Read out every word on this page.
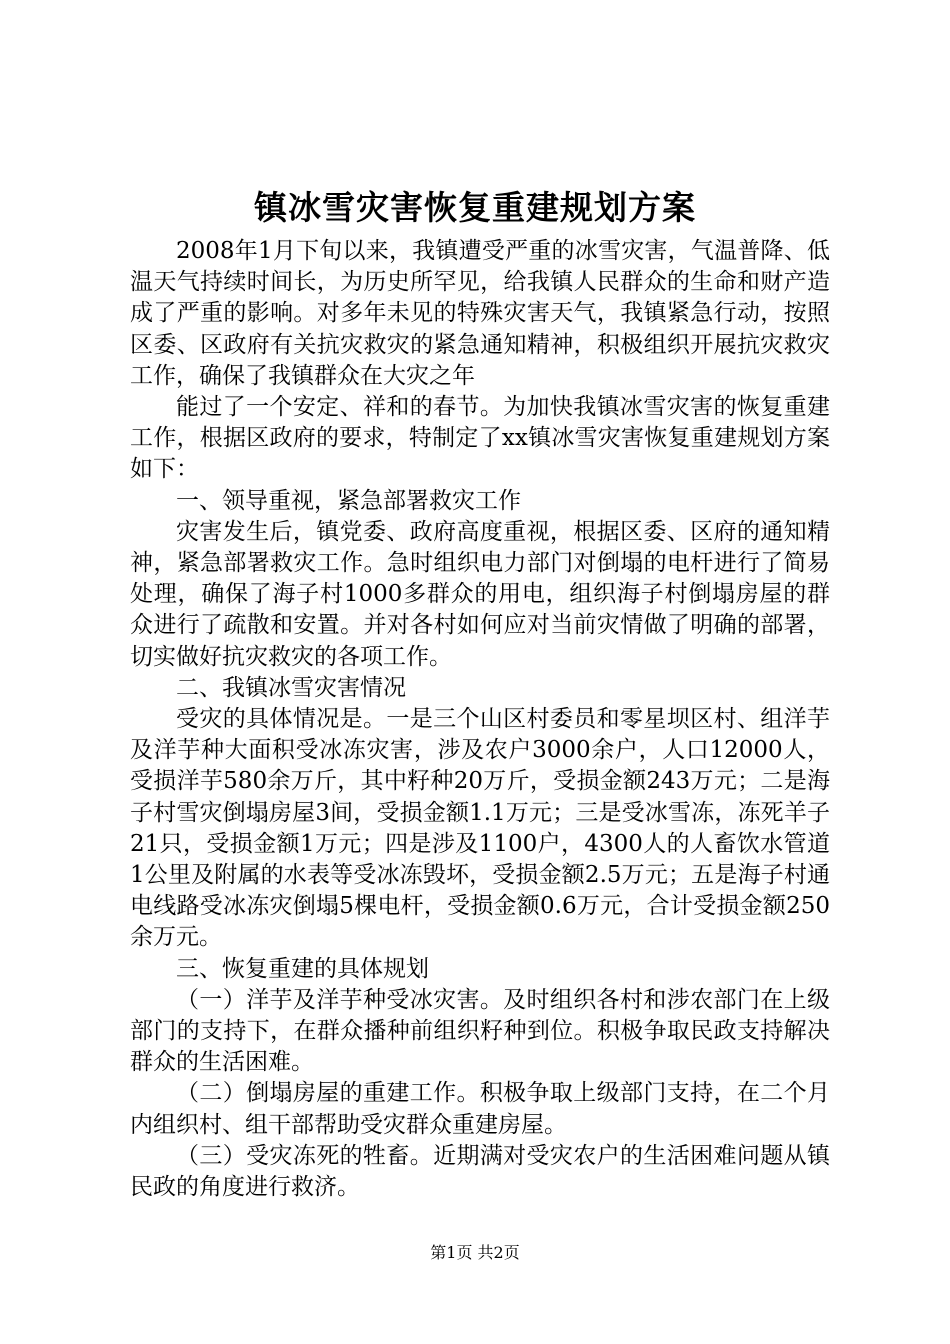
镇冰雪灾害恢复重建规划方案

2008年1月下旬以来，我镇遭受严重的冰雪灾害，气温普降、低温天气持续时间长，为历史所罕见，给我镇人民群众的生命和财产造成了严重的影响。对多年未见的特殊灾害天气，我镇紧急行动，按照区委、区政府有关抗灾救灾的紧急通知精神，积极组织开展抗灾救灾工作，确保了我镇群众在大灾之年

能过了一个安定、祥和的春节。为加快我镇冰雪灾害的恢复重建工作，根据区政府的要求，特制定了xx镇冰雪灾害恢复重建规划方案如下：

一、领导重视，紧急部署救灾工作

灾害发生后，镇党委、政府高度重视，根据区委、区府的通知精神，紧急部署救灾工作。急时组织电力部门对倒塌的电杆进行了简易处理，确保了海子村1000多群众的用电，组织海子村倒塌房屋的群众进行了疏散和安置。并对各村如何应对当前灾情做了明确的部署，切实做好抗灾救灾的各项工作。

二、我镇冰雪灾害情况

受灾的具体情况是。一是三个山区村委员和零星坝区村、组洋芋及洋芋种大面积受冰冻灾害，涉及农户3000余户，人口12000人，受损洋芋580余万斤，其中籽种20万斤，受损金额243万元；二是海子村雪灾倒塌房屋3间，受损金额1.1万元；三是受冰雪冻，冻死羊子21只，受损金额1万元；四是涉及1100户，4300人的人畜饮水管道1公里及附属的水表等受冰冻毁坏，受损金额2.5万元；五是海子村通电线路受冰冻灾倒塌5棵电杆，受损金额0.6万元，合计受损金额250余万元。

三、恢复重建的具体规划

（一）洋芋及洋芋种受冰灾害。及时组织各村和涉农部门在上级部门的支持下，在群众播种前组织籽种到位。积极争取民政支持解决群众的生活困难。

（二）倒塌房屋的重建工作。积极争取上级部门支持，在二个月内组织村、组干部帮助受灾群众重建房屋。

（三）受灾冻死的牲畜。近期满对受灾农户的生活困难问题从镇民政的角度进行救济。

第1页 共2页
